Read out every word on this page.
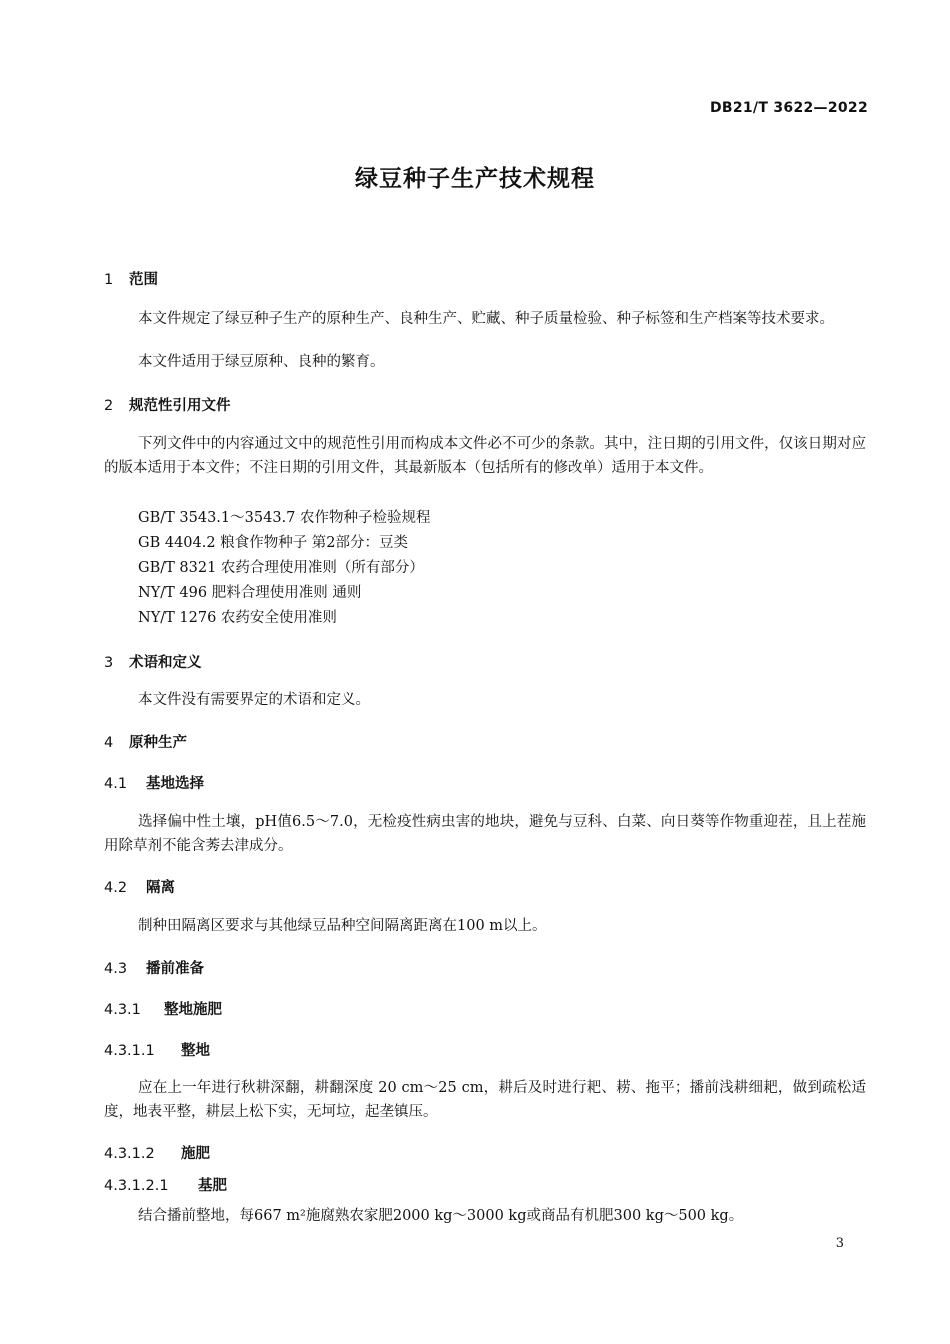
DB21/T 3622—2022
绿豆种子生产技术规程
1 范围
本文件规定了绿豆种子生产的原种生产、良种生产、贮藏、种子质量检验、种子标签和生产档案等技术要求。
本文件适用于绿豆原种、良种的繁育。
2 规范性引用文件
下列文件中的内容通过文中的规范性引用而构成本文件必不可少的条款。其中，注日期的引用文件，仅该日期对应的版本适用于本文件；不注日期的引用文件，其最新版本（包括所有的修改单）适用于本文件。
GB/T 3543.1～3543.7 农作物种子检验规程
GB 4404.2 粮食作物种子 第2部分：豆类
GB/T 8321 农药合理使用准则（所有部分）
NY/T 496 肥料合理使用准则 通则
NY/T 1276 农药安全使用准则
3 术语和定义
本文件没有需要界定的术语和定义。
4 原种生产
4.1 基地选择
选择偏中性土壤，pH值6.5～7.0，无检疫性病虫害的地块，避免与豆科、白菜、向日葵等作物重迎茬，且上茬施用除草剂不能含莠去津成分。
4.2 隔离
制种田隔离区要求与其他绿豆品种空间隔离距离在100 m以上。
4.3 播前准备
4.3.1 整地施肥
4.3.1.1 整地
应在上一年进行秋耕深翻，耕翻深度 20 cm～25 cm，耕后及时进行耙、耢、拖平；播前浅耕细耙，做到疏松适度，地表平整，耕层上松下实，无坷垃，起垄镇压。
4.3.1.2 施肥
4.3.1.2.1 基肥
结合播前整地，每667 m²施腐熟农家肥2000 kg～3000 kg或商品有机肥300 kg～500 kg。
3
